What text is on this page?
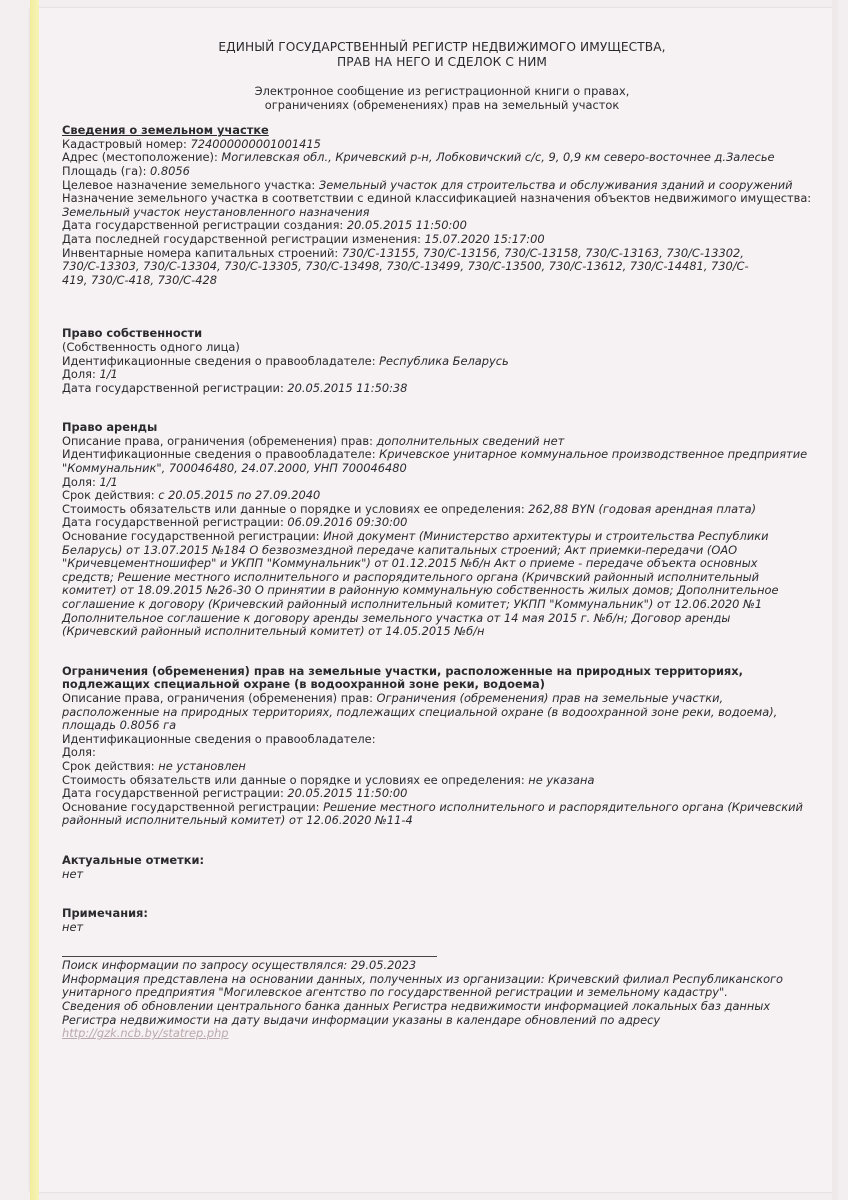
ЕДИНЫЙ ГОСУДАРСТВЕННЫЙ РЕГИСТР НЕДВИЖИМОГО ИМУЩЕСТВА,
ПРАВ НА НЕГО И СДЕЛОК С НИМ
Электронное сообщение из регистрационной книги о правах,
ограничениях (обременениях) прав на земельный участок
Сведения о земельном участке
Кадастровый номер: 724000000001001415
Адрес (местоположение): Могилевская обл., Кричевский р-н, Лобковичский с/с, 9, 0,9 км северо-восточнее д.Залесье
Площадь (га): 0.8056
Целевое назначение земельного участка: Земельный участок для строительства и обслуживания зданий и сооружений
Назначение земельного участка в соответствии с единой классификацией назначения объектов недвижимого имущества:
Земельный участок неустановленного назначения
Дата государственной регистрации создания: 20.05.2015 11:50:00
Дата последней государственной регистрации изменения: 15.07.2020 15:17:00
Инвентарные номера капитальных строений: 730/C-13155, 730/C-13156, 730/C-13158, 730/C-13163, 730/C-13302,
730/C-13303, 730/C-13304, 730/C-13305, 730/C-13498, 730/C-13499, 730/C-13500, 730/C-13612, 730/C-14481, 730/C-
419, 730/C-418, 730/C-428
Право собственности
(Собственность одного лица)
Идентификационные сведения о правообладателе: Республика Беларусь
Доля: 1/1
Дата государственной регистрации: 20.05.2015 11:50:38
Право аренды
Описание права, ограничения (обременения) прав: дополнительных сведений нет
Идентификационные сведения о правообладателе: Кричевское унитарное коммунальное производственное предприятие
"Коммунальник", 700046480, 24.07.2000, УНП 700046480
Доля: 1/1
Срок действия: с 20.05.2015 по 27.09.2040
Стоимость обязательств или данные о порядке и условиях ее определения: 262,88 BYN (годовая арендная плата)
Дата государственной регистрации: 06.09.2016 09:30:00
Основание государственной регистрации: Иной документ (Министерство архитектуры и строительства Республики
Беларусь) от 13.07.2015 №184 О безвозмездной передаче капитальных строений; Акт приемки-передачи (ОАО
"Кричевцементношифер" и УКПП "Коммунальник") от 01.12.2015 №б/н Акт о приеме - передаче объекта основных
средств; Решение местного исполнительного и распорядительного органа (Кричвский районный исполнительный
комитет) от 18.09.2015 №26-30 О принятии в районную коммунальную собственность жилых домов; Дополнительное
соглашение к договору (Кричевский районный исполнительный комитет; УКПП "Коммунальник") от 12.06.2020 №1
Дополнительное соглашение к договору аренды земельного участка от 14 мая 2015 г. №б/н; Договор аренды
(Кричевский районный исполнительный комитет) от 14.05.2015 №б/н
Ограничения (обременения) прав на земельные участки, расположенные на природных территориях,
подлежащих специальной охране (в водоохранной зоне реки, водоема)
Описание права, ограничения (обременения) прав: Ограничения (обременения) прав на земельные участки,
расположенные на природных территориях, подлежащих специальной охране (в водоохранной зоне реки, водоема),
площадь 0.8056 га
Идентификационные сведения о правообладателе:
Доля:
Срок действия: не установлен
Стоимость обязательств или данные о порядке и условиях ее определения: не указана
Дата государственной регистрации: 20.05.2015 11:50:00
Основание государственной регистрации: Решение местного исполнительного и распорядительного органа (Кричевский
районный исполнительный комитет) от 12.06.2020 №11-4
Актуальные отметки:
нет
Примечания:
нет
Поиск информации по запросу осуществлялся: 29.05.2023
Информация представлена на основании данных, полученных из организации: Кричевский филиал Республиканского
унитарного предприятия "Могилевское агентство по государственной регистрации и земельному кадастру".
Сведения об обновлении центрального банка данных Регистра недвижимости информацией локальных баз данных
Регистра недвижимости на дату выдачи информации указаны в календаре обновлений по адресу
http://gzk.ncb.by/statrep.php
